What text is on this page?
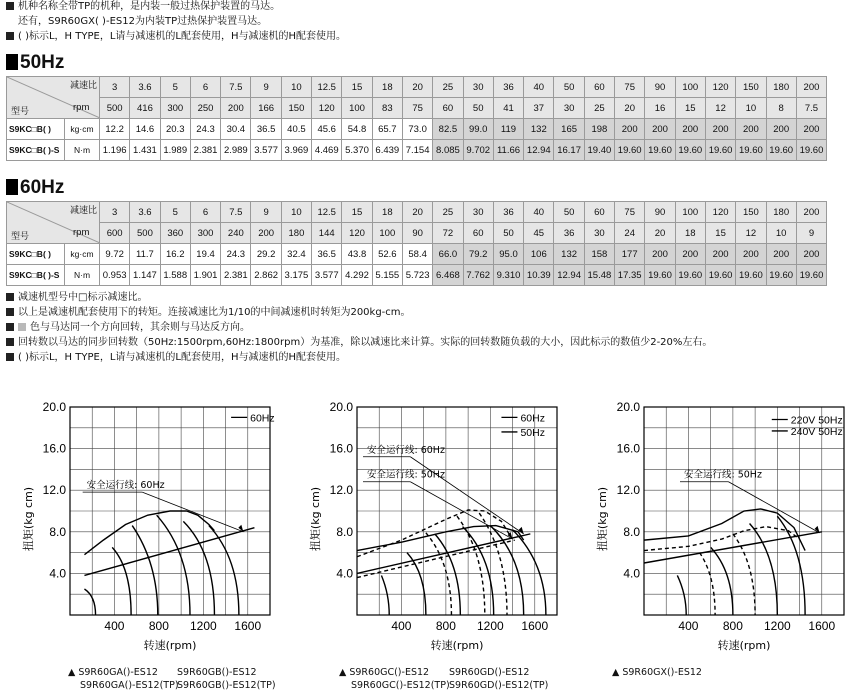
机种名称全带TP的机种，是内装一般过热保护装置的马达。
还有，S9R60GX( )-ES12为内装TP过热保护装置马达。
( )标示L，H TYPE，L请与减速机的L配套使用，H与减速机的H配套使用。
50Hz
减速比
型号 rpm		3	3.6	5	6	7.5	9	10	12.5	15	18	20	25	30	36	40	50	60	75	90	100	120	150	180	200
		500	416	300	250	200	166	150	120	100	83	75	60	50	41	37	30	25	20	16	15	12	10	8	7.5
S9KC□B( )	kg·cm	12.2	14.6	20.3	24.3	30.4	36.5	40.5	45.6	54.8	65.7	73.0	82.5	99.0	119	132	165	198	200	200	200	200	200	200	200
S9KC□B( )-S	N·m	1.196	1.431	1.989	2.381	2.989	3.577	3.969	4.469	5.370	6.439	7.154	8.085	9.702	11.66	12.94	16.17	19.40	19.60	19.60	19.60	19.60	19.60	19.60	19.60
60Hz
减速比
型号 rpm		3	3.6	5	6	7.5	9	10	12.5	15	18	20	25	30	36	40	50	60	75	90	100	120	150	180	200
		600	500	360	300	240	200	180	144	120	100	90	72	60	50	45	36	30	24	20	18	15	12	10	9
S9KC□B( )	kg·cm	9.72	11.7	16.2	19.4	24.3	29.2	32.4	36.5	43.8	52.6	58.4	66.0	79.2	95.0	106	132	158	177	200	200	200	200	200	200
S9KC□B( )-S	N·m	0.953	1.147	1.588	1.901	2.381	2.862	3.175	3.577	4.292	5.155	5.723	6.468	7.762	9.310	10.39	12.94	15.48	17.35	19.60	19.60	19.60	19.60	19.60	19.60
减速机型号中□标示减速比。
以上是减速机配套使用下的转矩。连接减速比为1/10的中间减速机时转矩为200kg-cm。
色与马达同一个方向回转，其余则与马达反方向。
回转数以马达的同步回转数（50Hz:1500rpm,60Hz:1800rpm）为基准，除以减速比来计算。实际的回转数随负载的大小，因此标示的数值少2-20%左右。
( )标示L，H TYPE，L请与减速机的L配套使用，H与减速机的H配套使用。
4.0
8.0
12.0
16.0
20.0
400 800 1200 1600
转速(rpm)
扭矩(kg cm)
60Hz
安全运行线: 60Hz
4.0
8.0
12.0
16.0
20.0
400 800 1200 1600
转速(rpm)
扭矩(kg cm)
60Hz
50Hz
安全运行线: 60Hz
安全运行线: 50Hz
4.0
8.0
12.0
16.0
20.0
400 800 1200 1600
转速(rpm)
扭矩(kg cm)
220V 50Hz
240V 50Hz
安全运行线: 50Hz
▲ S9R60GA()-ES12
S9R60GA()-ES12(TP)
S9R60GB()-ES12
S9R60GB()-ES12(TP)
▲ S9R60GC()-ES12
S9R60GC()-ES12(TP)
S9R60GD()-ES12
S9R60GD()-ES12(TP)
▲ S9R60GX()-ES12
